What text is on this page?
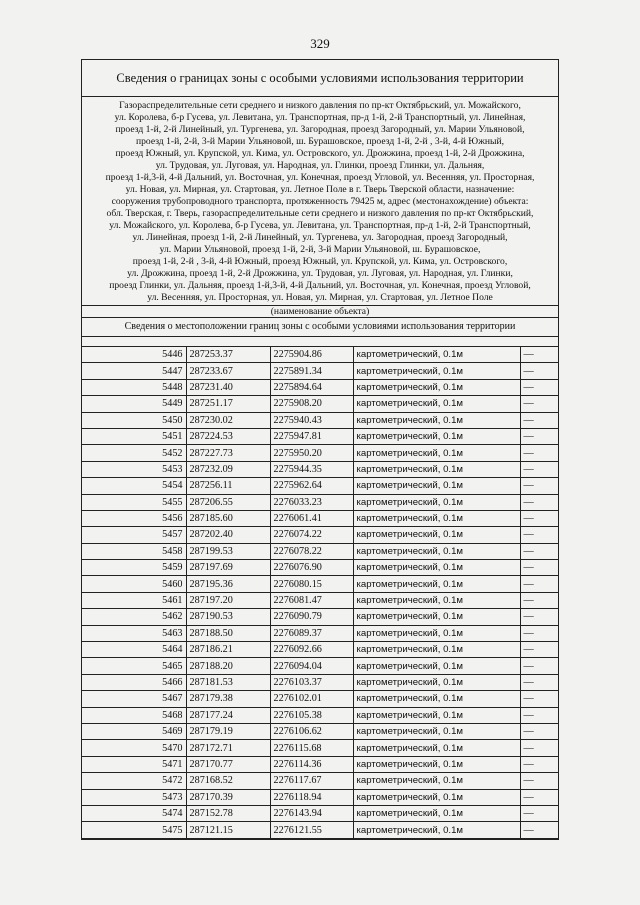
329
Сведения о границах зоны с особыми условиями использования территории
Газораспределительные сети среднего и низкого давления по пр-кт Октябрьский, ул. Можайского,
ул. Королева, б-р Гусева, ул. Левитана, ул. Транспортная, пр-д 1-й, 2-й Транспортный, ул. Линейная,
проезд 1-й, 2-й Линейный, ул. Тургенева, ул. Загородная, проезд Загородный, ул. Марии Ульяновой,
проезд 1-й, 2-й, 3-й Марии Ульяновой, ш. Бурашовское, проезд 1-й, 2-й , 3-й, 4-й Южный,
проезд Южный, ул. Крупской, ул. Кима, ул. Островского, ул. Дрожжина, проезд 1-й, 2-й Дрожжина,
ул. Трудовая, ул. Луговая, ул. Народная, ул. Глинки, проезд Глинки, ул. Дальняя,
проезд 1-й,3-й, 4-й Дальний, ул. Восточная, ул. Конечная, проезд Угловой, ул. Весенняя, ул. Просторная,
ул. Новая, ул. Мирная, ул. Стартовая, ул. Летное Поле в г. Тверь Тверской области, назначение:
сооружения трубопроводного транспорта, протяженность 79425 м, адрес (местонахождение) объекта:
обл. Тверская, г. Тверь, газораспределительные сети среднего и низкого давления по пр-кт Октябрьский,
ул. Можайского, ул. Королева, б-р Гусева, ул. Левитана, ул. Транспортная, пр-д 1-й, 2-й Транспортный,
ул. Линейная, проезд 1-й, 2-й Линейный, ул. Тургенева, ул. Загородная, проезд Загородный,
ул. Марии Ульяновой, проезд 1-й, 2-й, 3-й Марии Ульяновой, ш. Бурашовское,
проезд 1-й, 2-й , 3-й, 4-й Южный, проезд Южный, ул. Крупской, ул. Кима, ул. Островского,
ул. Дрожжина, проезд 1-й, 2-й Дрожжина, ул. Трудовая, ул. Луговая, ул. Народная, ул. Глинки,
проезд Глинки, ул. Дальняя, проезд 1-й,3-й, 4-й Дальний, ул. Восточная, ул. Конечная, проезд Угловой,
ул. Весенняя, ул. Просторная, ул. Новая, ул. Мирная, ул. Стартовая, ул. Летное Поле
(наименование объекта)
Сведения о местоположении границ зоны с особыми условиями использования территории
5446	287253.37	2275904.86	картометрический, 0.1м	—
5447	287233.67	2275891.34	картометрический, 0.1м	—
5448	287231.40	2275894.64	картометрический, 0.1м	—
5449	287251.17	2275908.20	картометрический, 0.1м	—
5450	287230.02	2275940.43	картометрический, 0.1м	—
5451	287224.53	2275947.81	картометрический, 0.1м	—
5452	287227.73	2275950.20	картометрический, 0.1м	—
5453	287232.09	2275944.35	картометрический, 0.1м	—
5454	287256.11	2275962.64	картометрический, 0.1м	—
5455	287206.55	2276033.23	картометрический, 0.1м	—
5456	287185.60	2276061.41	картометрический, 0.1м	—
5457	287202.40	2276074.22	картометрический, 0.1м	—
5458	287199.53	2276078.22	картометрический, 0.1м	—
5459	287197.69	2276076.90	картометрический, 0.1м	—
5460	287195.36	2276080.15	картометрический, 0.1м	—
5461	287197.20	2276081.47	картометрический, 0.1м	—
5462	287190.53	2276090.79	картометрический, 0.1м	—
5463	287188.50	2276089.37	картометрический, 0.1м	—
5464	287186.21	2276092.66	картометрический, 0.1м	—
5465	287188.20	2276094.04	картометрический, 0.1м	—
5466	287181.53	2276103.37	картометрический, 0.1м	—
5467	287179.38	2276102.01	картометрический, 0.1м	—
5468	287177.24	2276105.38	картометрический, 0.1м	—
5469	287179.19	2276106.62	картометрический, 0.1м	—
5470	287172.71	2276115.68	картометрический, 0.1м	—
5471	287170.77	2276114.36	картометрический, 0.1м	—
5472	287168.52	2276117.67	картометрический, 0.1м	—
5473	287170.39	2276118.94	картометрический, 0.1м	—
5474	287152.78	2276143.94	картометрический, 0.1м	—
5475	287121.15	2276121.55	картометрический, 0.1м	—
